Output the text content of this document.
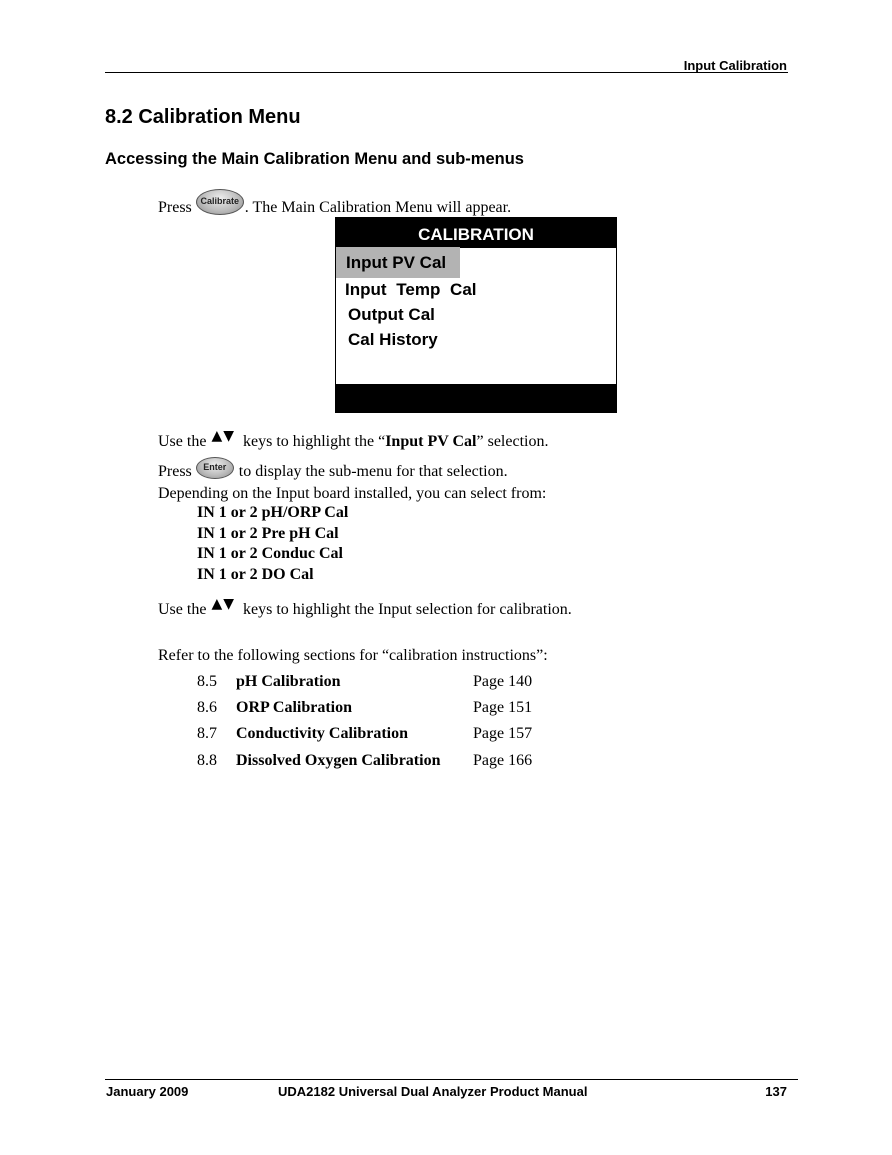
Input Calibration
8.2 Calibration Menu
Accessing the Main Calibration Menu and sub-menus
Press Calibrate . The Main Calibration Menu will appear.
CALIBRATION
Input PV Cal
Input Temp Cal
Output Cal
Cal History
Use the ▲▼ keys to highlight the “Input PV Cal” selection.
Press Enter to display the sub-menu for that selection.
Depending on the Input board installed, you can select from:
IN 1 or 2 pH/ORP Cal
IN 1 or 2 Pre pH Cal
IN 1 or 2 Conduc Cal
IN 1 or 2 DO Cal
Use the ▲▼ keys to highlight the Input selection for calibration.
Refer to the following sections for “calibration instructions”:
8.5 pH Calibration	Page 140
8.6 ORP Calibration	Page 151
8.7 Conductivity Calibration	Page 157
8.8 Dissolved Oxygen Calibration Page 166
January 2009	UDA2182 Universal Dual Analyzer Product Manual	137
